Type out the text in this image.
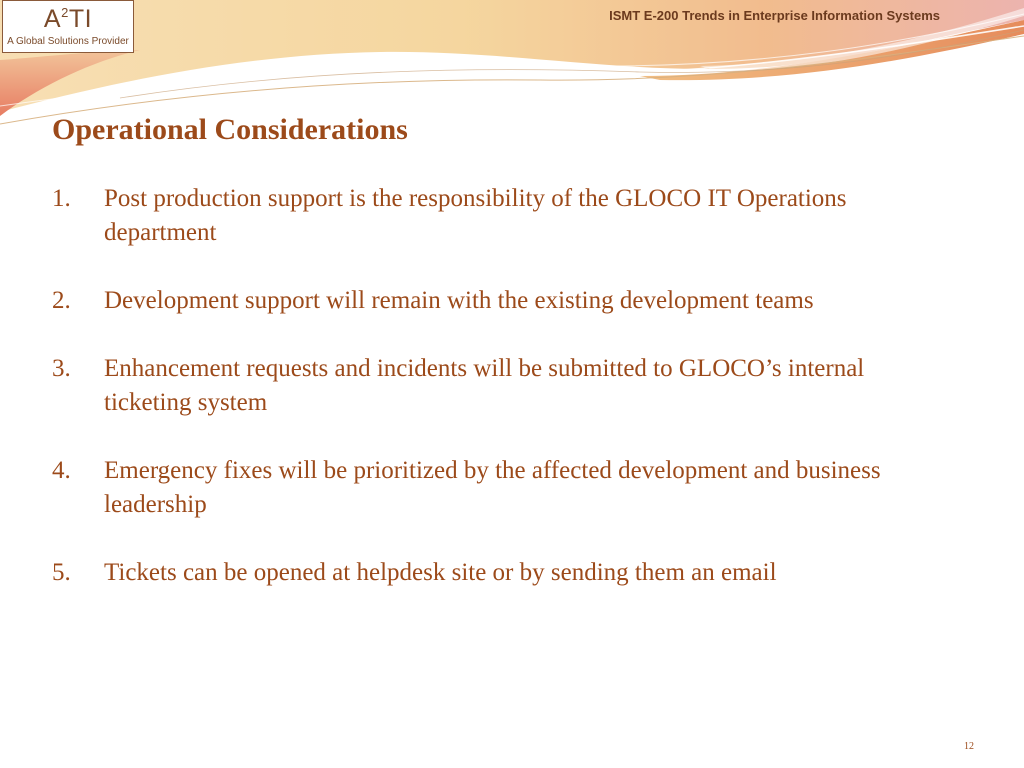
$A^2TI$
A Global Solutions Provider
ISMT E-200 Trends in Enterprise Information Systems
Operational Considerations
1. Post production support is the responsibility of the GLOCO IT Operations department
2. Development support will remain with the existing development teams
3. Enhancement requests and incidents will be submitted to GLOCO’s internal ticketing system
4. Emergency fixes will be prioritized by the affected development and business leadership
5. Tickets can be opened at helpdesk site or by sending them an email
12
